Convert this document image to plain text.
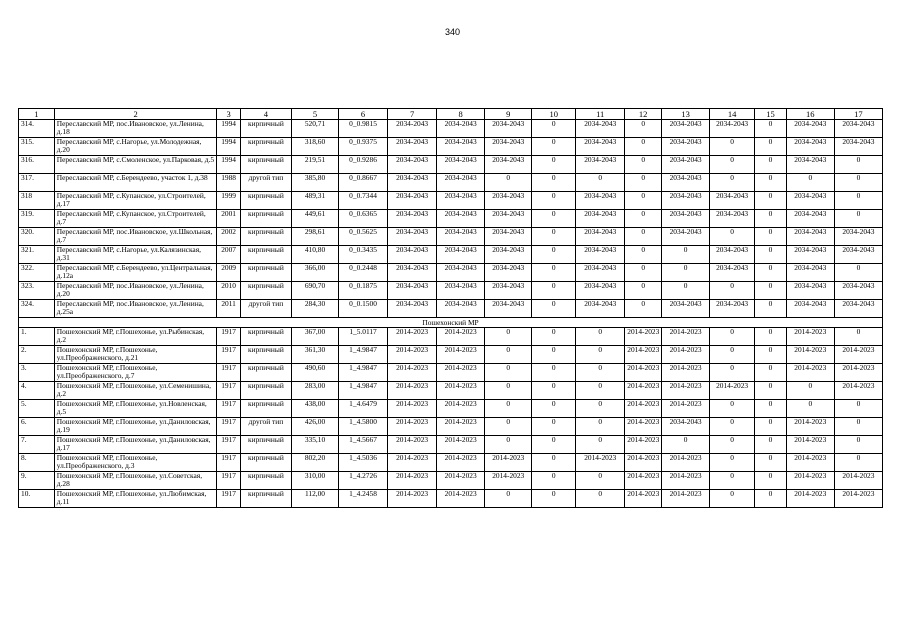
340
1	2	3	4	5	6	7	8	9	10	11	12	13	14	15	16	17
314.	Переславский МР, пос.Ивановское, ул.Ленина, д.18	1994	кирпичный	520,71	0_0.9815	2034-2043	2034-2043	2034-2043	0	2034-2043	0	2034-2043	2034-2043	0	2034-2043	2034-2043
315.	Переславский МР, с.Нагорье, ул.Молодежная, д.20	1994	кирпичный	318,60	0_0.9375	2034-2043	2034-2043	2034-2043	0	2034-2043	0	2034-2043	0	0	2034-2043	2034-2043
316.	Переславский МР, с.Смоленское, ул.Парковая, д.5	1994	кирпичный	219,51	0_0.9286	2034-2043	2034-2043	2034-2043	0	2034-2043	0	2034-2043	0	0	2034-2043	0
317.	Переславский МР, с.Берендеево, участок 1, д.38	1988	другой тип	385,80	0_0.8667	2034-2043	2034-2043	0	0	0	0	2034-2043	0	0	0	0
318	Переславский МР, с.Купанское, ул.Строителей, д.17	1999	кирпичный	489,31	0_0.7344	2034-2043	2034-2043	2034-2043	0	2034-2043	0	2034-2043	2034-2043	0	2034-2043	0
319.	Переславский МР, с.Купанское, ул.Строителей, д.7	2001	кирпичный	449,61	0_0.6365	2034-2043	2034-2043	2034-2043	0	2034-2043	0	2034-2043	2034-2043	0	2034-2043	0
320.	Переславский МР, пос.Ивановское, ул.Школьная, д.7	2002	кирпичный	298,61	0_0.5625	2034-2043	2034-2043	2034-2043	0	2034-2043	0	2034-2043	0	0	2034-2043	2034-2043
321.	Переславский МР, с.Нагорье, ул.Калязинская, д.31	2007	кирпичный	410,80	0_0.3435	2034-2043	2034-2043	2034-2043	0	2034-2043	0	0	2034-2043	0	2034-2043	2034-2043
322.	Переславский МР, с.Берендеево, ул.Центральная, д.12а	2009	кирпичный	366,00	0_0.2448	2034-2043	2034-2043	2034-2043	0	2034-2043	0	0	2034-2043	0	2034-2043	0
323.	Переславский МР, пос.Ивановское, ул.Ленина, д.20	2010	кирпичный	690,70	0_0.1875	2034-2043	2034-2043	2034-2043	0	2034-2043	0	0	0	0	2034-2043	2034-2043
324.	Переславский МР, пос.Ивановское, ул.Ленина, д.25а	2011	другой тип	284,30	0_0.1500	2034-2043	2034-2043	2034-2043	0	2034-2043	0	2034-2043	2034-2043	0	2034-2043	2034-2043
Пошехонский МР																
1.	Пошехонский МР, г.Пошехонье, ул.Рыбинская, д.2	1917	кирпичный	367,00	1_5.0117	2014-2023	2014-2023	0	0	0	2014-2023	2014-2023	0	0	2014-2023	0
2.	Пошехонский МР, г.Пошехонье, ул.Преображенского, д.21	1917	кирпичный	361,30	1_4.9847	2014-2023	2014-2023	0	0	0	2014-2023	2014-2023	0	0	2014-2023	2014-2023
3.	Пошехонский МР, г.Пошехонье, ул.Преображенского, д.7	1917	кирпичный	490,60	1_4.9847	2014-2023	2014-2023	0	0	0	2014-2023	2014-2023	0	0	2014-2023	2014-2023
4.	Пошехонский МР, г.Пошехонье, ул.Семенишина, д.2	1917	кирпичный	283,00	1_4.9847	2014-2023	2014-2023	0	0	0	2014-2023	2014-2023	2014-2023	0	0	2014-2023
5.	Пошехонский МР, г.Пошехонье, ул.Новленская, д.5	1917	кирпичный	438,00	1_4.6479	2014-2023	2014-2023	0	0	0	2014-2023	2014-2023	0	0	0	0
6.	Пошехонский МР, г.Пошехонье, ул.Даниловская, д.19	1917	другой тип	426,00	1_4.5800	2014-2023	2014-2023	0	0	0	2014-2023	2034-2043	0	0	2014-2023	0
7.	Пошехонский МР, г.Пошехонье, ул.Даниловская, д.17	1917	кирпичный	335,10	1_4.5667	2014-2023	2014-2023	0	0	0	2014-2023	0	0	0	2014-2023	0
8.	Пошехонский МР, г.Пошехонье, ул.Преображенского, д.3	1917	кирпичный	802,20	1_4.5036	2014-2023	2014-2023	2014-2023	0	2014-2023	2014-2023	2014-2023	0	0	2014-2023	0
9.	Пошехонский МР, г.Пошехонье, ул.Советская, д.28	1917	кирпичный	310,00	1_4.2726	2014-2023	2014-2023	2014-2023	0	0	2014-2023	2014-2023	0	0	2014-2023	2014-2023
10.	Пошехонский МР, г.Пошехонье, ул.Любимская, д.11	1917	кирпичный	112,00	1_4.2458	2014-2023	2014-2023	0	0	0	2014-2023	2014-2023	0	0	2014-2023	2014-2023
